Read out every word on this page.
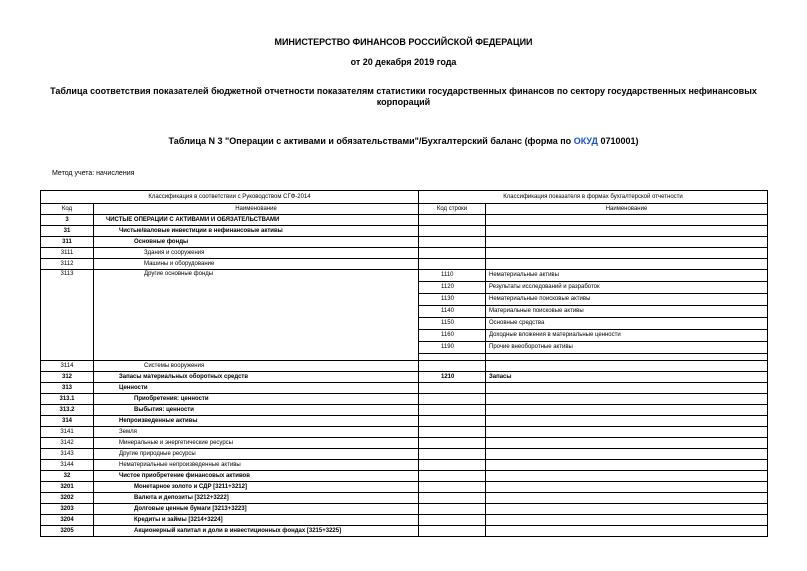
МИНИСТЕРСТВО ФИНАНСОВ РОССИЙСКОЙ ФЕДЕРАЦИИ
от 20 декабря 2019 года
Таблица соответствия показателей бюджетной отчетности показателям статистики государственных финансов по сектору государственных нефинансовых корпораций
Таблица N 3 "Операции с активами и обязательствами"/Бухгалтерский баланс (форма по ОКУД 0710001)
Метод учета: начисления
Классификация в соответствии с Руководством СГФ-2014		Классификация показателя в формах бухгалтерской отчетности	
Код	Наименование	Код строки	Наименование
3	ЧИСТЫЕ ОПЕРАЦИИ С АКТИВАМИ И ОБЯЗАТЕЛЬСТВАМИ		
31	Чистые/валовые инвестиции в нефинансовые активы		
311	Основные фонды		
3111	Здания и сооружения		
3112	Машины и оборудование		
3113	Другие основные фонды	1110	Нематериальные активы
		1120	Результаты исследований и разработок
		1130	Нематериальные поисковые активы
		1140	Материальные поисковые активы
		1150	Основные средства
		1160	Доходные вложения в материальные ценности
		1190	Прочие внеоборотные активы

3114	Системы вооружения		
312	Запасы материальных оборотных средств	1210	Запасы
313	Ценности		
313.1	Приобретения: ценности		
313.2	Выбытия: ценности		
314	Непроизведенные активы		
3141	Земля		
3142	Минеральные и энергетические ресурсы		
3143	Другие природные ресурсы		
3144	Нематериальные непроизведенные активы		
32	Чистое приобретение финансовых активов		
3201	Монетарное золото и СДР [3211+3212]		
3202	Валюта и депозиты [3212+3222]		
3203	Долговые ценные бумаги [3213+3223]		
3204	Кредиты и займы [3214+3224]		
3205	Акционерный капитал и доли в инвестиционных фондах [3215+3225]		
